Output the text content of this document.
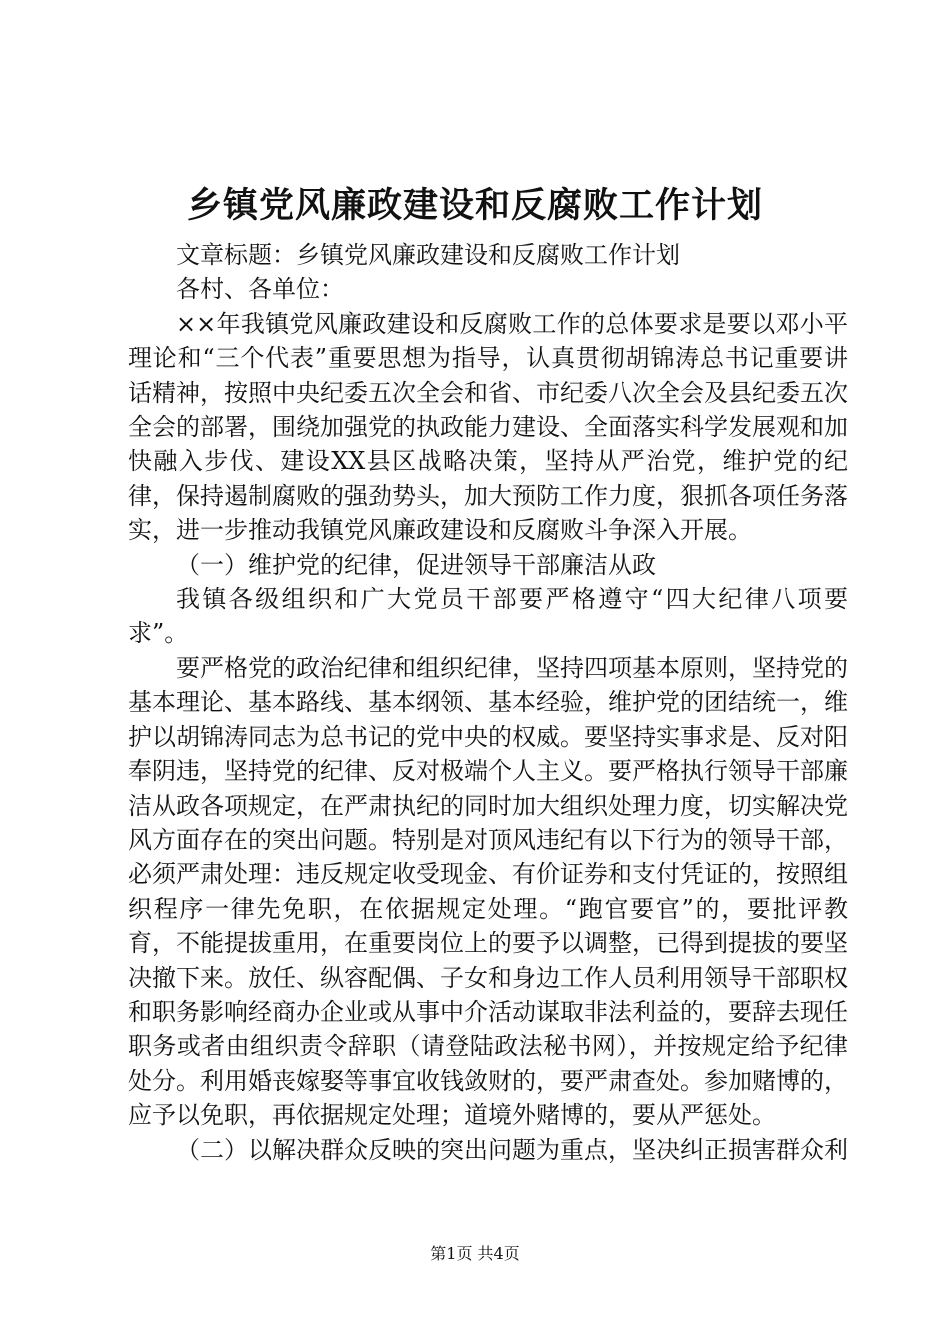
乡镇党风廉政建设和反腐败工作计划

文章标题：乡镇党风廉政建设和反腐败工作计划

各村、各单位：

××年我镇党风廉政建设和反腐败工作的总体要求是要以邓小平理论和“三个代表”重要思想为指导，认真贯彻胡锦涛总书记重要讲话精神，按照中央纪委五次全会和省、市纪委八次全会及县纪委五次全会的部署，围绕加强党的执政能力建设、全面落实科学发展观和加快融入步伐、建设XX县区战略决策，坚持从严治党，维护党的纪律，保持遏制腐败的强劲势头，加大预防工作力度，狠抓各项任务落实，进一步推动我镇党风廉政建设和反腐败斗争深入开展。

（一）维护党的纪律，促进领导干部廉洁从政

我镇各级组织和广大党员干部要严格遵守“四大纪律八项要求”。

要严格党的政治纪律和组织纪律，坚持四项基本原则，坚持党的基本理论、基本路线、基本纲领、基本经验，维护党的团结统一，维护以胡锦涛同志为总书记的党中央的权威。要坚持实事求是、反对阳奉阴违，坚持党的纪律、反对极端个人主义。要严格执行领导干部廉洁从政各项规定，在严肃执纪的同时加大组织处理力度，切实解决党风方面存在的突出问题。特别是对顶风违纪有以下行为的领导干部，必须严肃处理：违反规定收受现金、有价证券和支付凭证的，按照组织程序一律先免职，在依据规定处理。“跑官要官”的，要批评教育，不能提拔重用，在重要岗位上的要予以调整，已得到提拔的要坚决撤下来。放任、纵容配偶、子女和身边工作人员利用领导干部职权和职务影响经商办企业或从事中介活动谋取非法利益的，要辞去现任职务或者由组织责令辞职（请登陆政法秘书网），并按规定给予纪律处分。利用婚丧嫁娶等事宜收钱敛财的，要严肃查处。参加赌博的，应予以免职，再依据规定处理；道境外赌博的，要从严惩处。

（二）以解决群众反映的突出问题为重点，坚决纠正损害群众利

第1页 共4页
